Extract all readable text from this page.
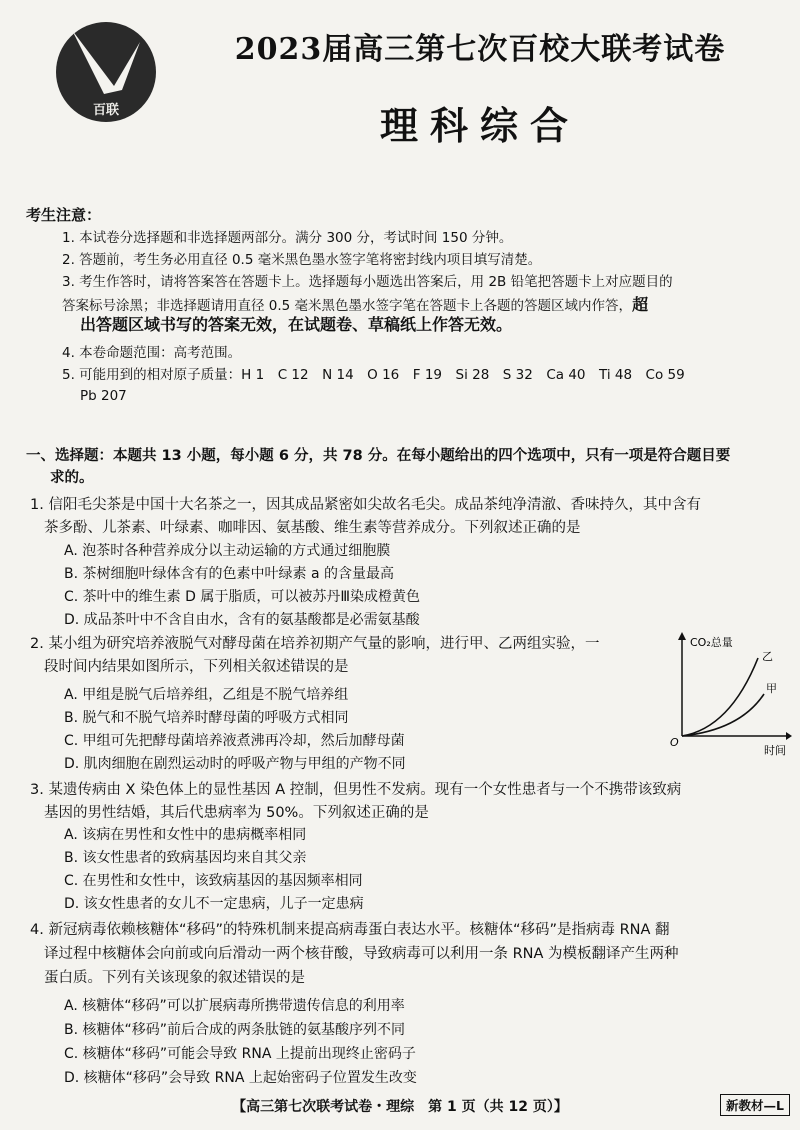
百联
2023届高三第七次百校大联考试卷
理科综合
考生注意：
1. 本试卷分选择题和非选择题两部分。满分 300 分，考试时间 150 分钟。
2. 答题前，考生务必用直径 0.5 毫米黑色墨水签字笔将密封线内项目填写清楚。
3. 考生作答时，请将答案答在答题卡上。选择题每小题选出答案后，用 2B 铅笔把答题卡上对应题目的
答案标号涂黑；非选择题请用直径 0.5 毫米黑色墨水签字笔在答题卡上各题的答题区域内作答，超
出答题区域书写的答案无效，在试题卷、草稿纸上作答无效。
4. 本卷命题范围：高考范围。
5. 可能用到的相对原子质量：H 1　C 12　N 14　O 16　F 19　Si 28　S 32　Ca 40　Ti 48　Co 59
Pb 207
一、选择题：本题共 13 小题，每小题 6 分，共 78 分。在每小题给出的四个选项中，只有一项是符合题目要
求的。
1. 信阳毛尖茶是中国十大名茶之一，因其成品紧密如尖故名毛尖。成品茶纯净清澈、香味持久，其中含有
茶多酚、儿茶素、叶绿素、咖啡因、氨基酸、维生素等营养成分。下列叙述正确的是
A. 泡茶时各种营养成分以主动运输的方式通过细胞膜
B. 茶树细胞叶绿体含有的色素中叶绿素 a 的含量最高
C. 茶叶中的维生素 D 属于脂质，可以被苏丹Ⅲ染成橙黄色
D. 成品茶叶中不含自由水，含有的氨基酸都是必需氨基酸
2. 某小组为研究培养液脱气对酵母菌在培养初期产气量的影响，进行甲、乙两组实验，一
段时间内结果如图所示，下列相关叙述错误的是
A. 甲组是脱气后培养组，乙组是不脱气培养组
B. 脱气和不脱气培养时酵母菌的呼吸方式相同
C. 甲组可先把酵母菌培养液煮沸再冷却，然后加酵母菌
D. 肌肉细胞在剧烈运动时的呼吸产物与甲组的产物不同
CO₂总量
时间
O
乙
甲
3. 某遗传病由 X 染色体上的显性基因 A 控制，但男性不发病。现有一个女性患者与一个不携带该致病
基因的男性结婚，其后代患病率为 50%。下列叙述正确的是
A. 该病在男性和女性中的患病概率相同
B. 该女性患者的致病基因均来自其父亲
C. 在男性和女性中，该致病基因的基因频率相同
D. 该女性患者的女儿不一定患病，儿子一定患病
4. 新冠病毒依赖核糖体“移码”的特殊机制来提高病毒蛋白表达水平。核糖体“移码”是指病毒 RNA 翻
译过程中核糖体会向前或向后滑动一两个核苷酸，导致病毒可以利用一条 RNA 为模板翻译产生两种
蛋白质。下列有关该现象的叙述错误的是
A. 核糖体“移码”可以扩展病毒所携带遗传信息的利用率
B. 核糖体“移码”前后合成的两条肽链的氨基酸序列不同
C. 核糖体“移码”可能会导致 RNA 上提前出现终止密码子
D. 核糖体“移码”会导致 RNA 上起始密码子位置发生改变
【高三第七次联考试卷・理综　第 1 页（共 12 页）】	新教材—L
